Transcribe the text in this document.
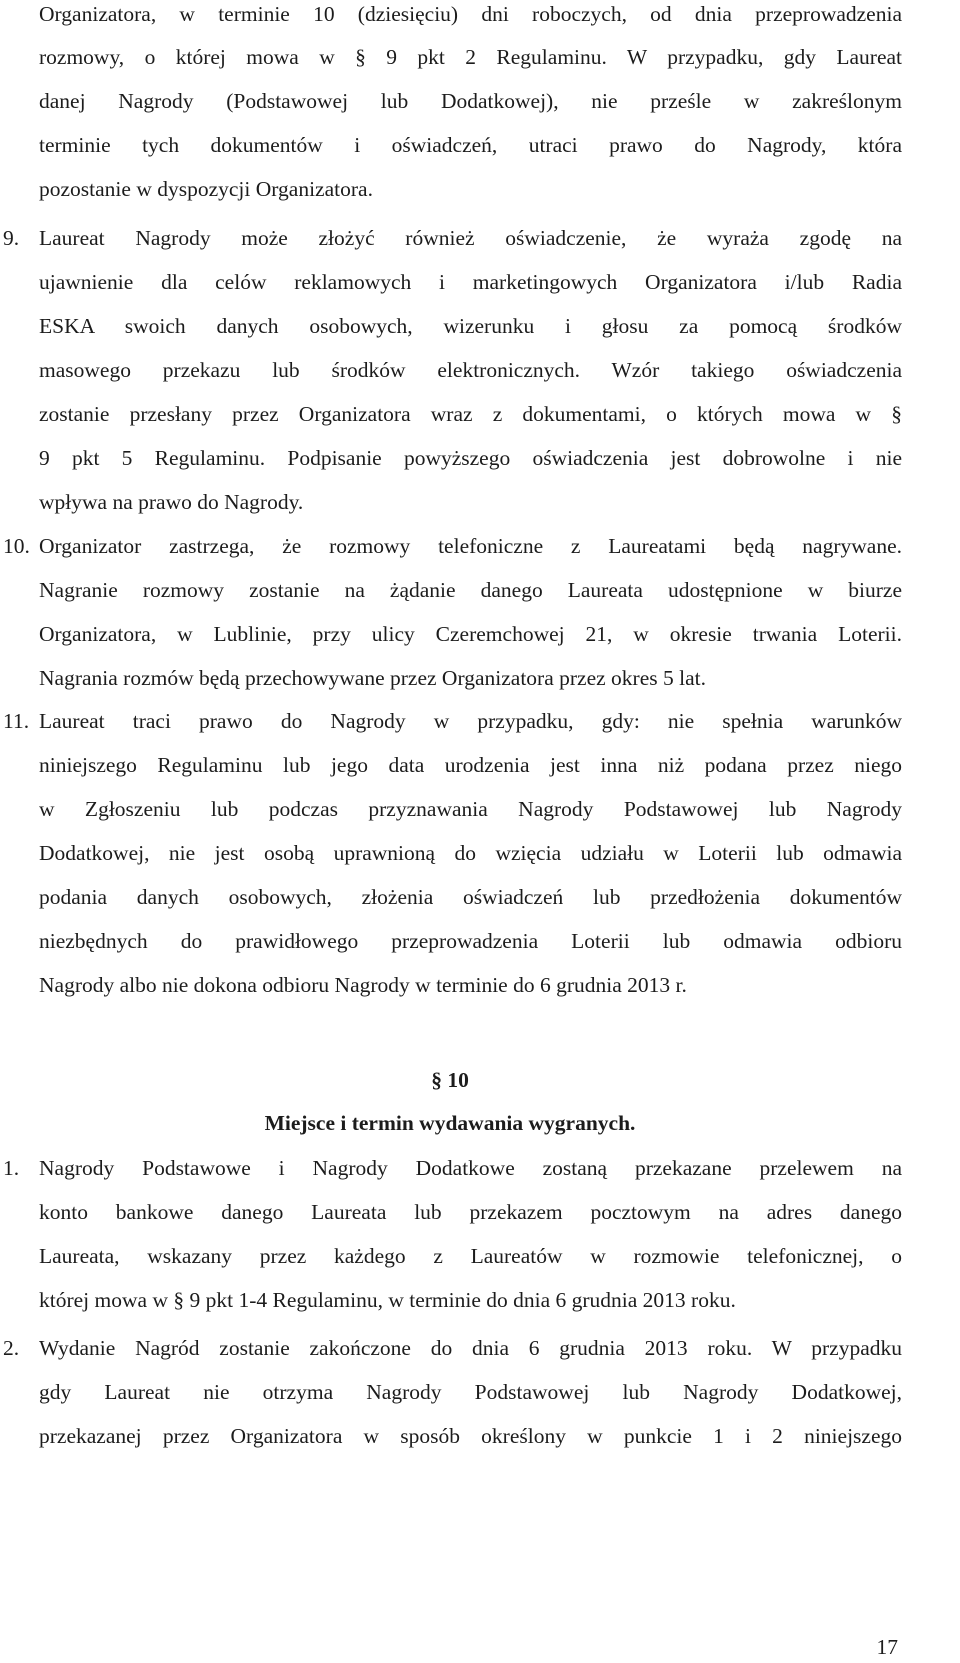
Organizatora, w terminie 10 (dziesięciu) dni roboczych, od dnia przeprowadzenia
rozmowy, o której mowa w § 9 pkt 2 Regulaminu. W przypadku, gdy Laureat
danej Nagrody (Podstawowej lub Dodatkowej), nie prześle w zakreślonym
terminie tych dokumentów i oświadczeń, utraci prawo do Nagrody, która
pozostanie w dyspozycji Organizatora.
9. Laureat Nagrody może złożyć również oświadczenie, że wyraża zgodę na
ujawnienie dla celów reklamowych i marketingowych Organizatora i/lub Radia
ESKA swoich danych osobowych, wizerunku i głosu za pomocą środków
masowego przekazu lub środków elektronicznych. Wzór takiego oświadczenia
zostanie przesłany przez Organizatora wraz z dokumentami, o których mowa w §
9 pkt 5 Regulaminu. Podpisanie powyższego oświadczenia jest dobrowolne i nie
wpływa na prawo do Nagrody.
10. Organizator zastrzega, że rozmowy telefoniczne z Laureatami będą nagrywane.
Nagranie rozmowy zostanie na żądanie danego Laureata udostępnione w biurze
Organizatora, w Lublinie, przy ulicy Czeremchowej 21, w okresie trwania Loterii.
Nagrania rozmów będą przechowywane przez Organizatora przez okres 5 lat.
11. Laureat traci prawo do Nagrody w przypadku, gdy: nie spełnia warunków
niniejszego Regulaminu lub jego data urodzenia jest inna niż podana przez niego
w Zgłoszeniu lub podczas przyznawania Nagrody Podstawowej lub Nagrody
Dodatkowej, nie jest osobą uprawnioną do wzięcia udziału w Loterii lub odmawia
podania danych osobowych, złożenia oświadczeń lub przedłożenia dokumentów
niezbędnych do prawidłowego przeprowadzenia Loterii lub odmawia odbioru
Nagrody albo nie dokona odbioru Nagrody w terminie do 6 grudnia 2013 r.
§ 10
Miejsce i termin wydawania wygranych.
1. Nagrody Podstawowe i Nagrody Dodatkowe zostaną przekazane przelewem na
konto bankowe danego Laureata lub przekazem pocztowym na adres danego
Laureata, wskazany przez każdego z Laureatów w rozmowie telefonicznej, o
której mowa w § 9 pkt 1-4 Regulaminu, w terminie do dnia 6 grudnia 2013 roku.
2. Wydanie Nagród zostanie zakończone do dnia 6 grudnia 2013 roku. W przypadku
gdy Laureat nie otrzyma Nagrody Podstawowej lub Nagrody Dodatkowej,
przekazanej przez Organizatora w sposób określony w punkcie 1 i 2 niniejszego
17
